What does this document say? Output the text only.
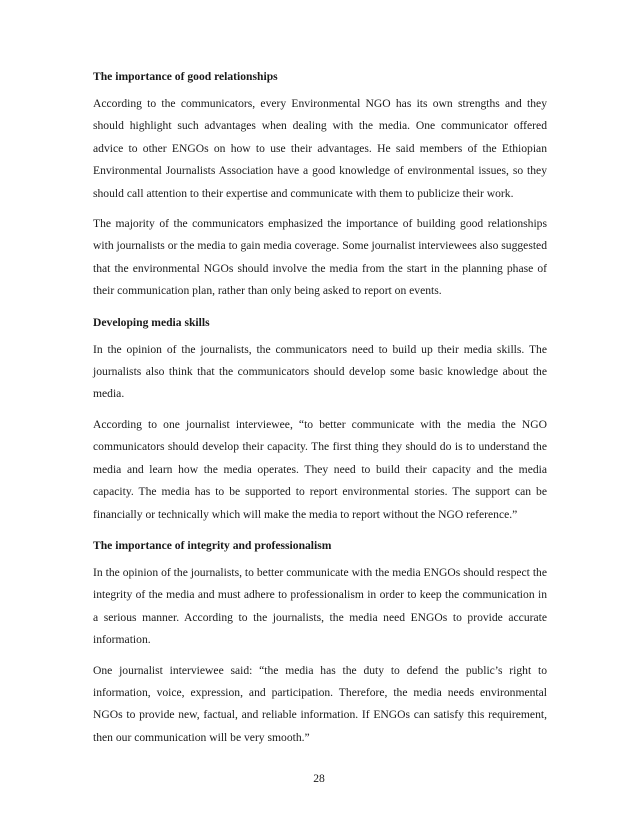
The importance of good relationships

According to the communicators, every Environmental NGO has its own strengths and they should highlight such advantages when dealing with the media. One communicator offered advice to other ENGOs on how to use their advantages. He said members of the Ethiopian Environmental Journalists Association have a good knowledge of environmental issues, so they should call attention to their expertise and communicate with them to publicize their work.

The majority of the communicators emphasized the importance of building good relationships with journalists or the media to gain media coverage. Some journalist interviewees also suggested that the environmental NGOs should involve the media from the start in the planning phase of their communication plan, rather than only being asked to report on events.

Developing media skills

In the opinion of the journalists, the communicators need to build up their media skills. The journalists also think that the communicators should develop some basic knowledge about the media.

According to one journalist interviewee, “to better communicate with the media the NGO communicators should develop their capacity. The first thing they should do is to understand the media and learn how the media operates. They need to build their capacity and the media capacity. The media has to be supported to report environmental stories. The support can be financially or technically which will make the media to report without the NGO reference.”

The importance of integrity and professionalism

In the opinion of the journalists, to better communicate with the media ENGOs should respect the integrity of the media and must adhere to professionalism in order to keep the communication in a serious manner. According to the journalists, the media need ENGOs to provide accurate information.

One journalist interviewee said: “the media has the duty to defend the public’s right to information, voice, expression, and participation. Therefore, the media needs environmental NGOs to provide new, factual, and reliable information. If ENGOs can satisfy this requirement, then our communication will be very smooth.”

28
